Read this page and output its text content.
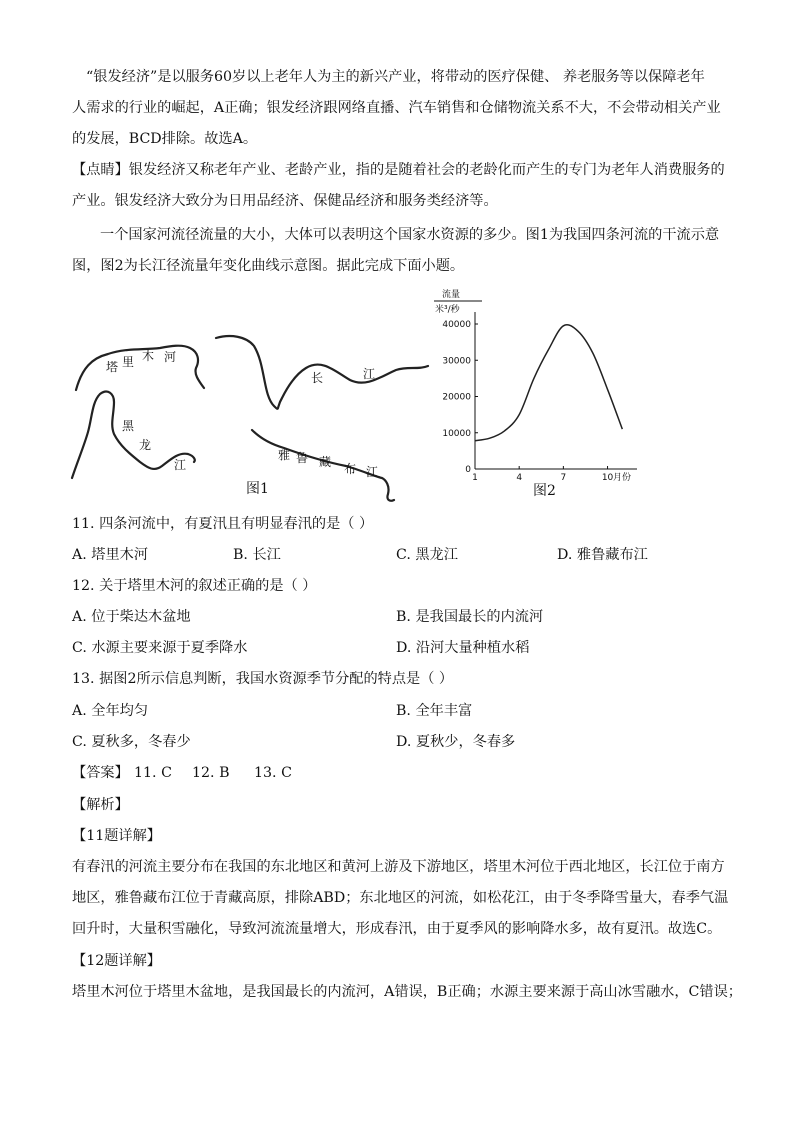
“银发经济”是以服务60岁以上老年人为主的新兴产业，将带动的医疗保健、 养老服务等以保障老年
人需求的行业的崛起，A正确；银发经济跟网络直播、汽车销售和仓储物流关系不大，不会带动相关产业
的发展，BCD排除。故选A。
【点睛】银发经济又称老年产业、老龄产业，指的是随着社会的老龄化而产生的专门为老年人消费服务的
产业。银发经济大致分为日用品经济、保健品经济和服务类经济等。
一个国家河流径流量的大小，大体可以表明这个国家水资源的多少。图1为我国四条河流的干流示意
图，图2为长江径流量年变化曲线示意图。据此完成下面小题。
塔 里 木 河
长	江
黑
龙
江
雅 鲁 藏 布 江
图1
流量
米³/秒
0
10000
20000
30000
40000
1	4	7	10 月份
图2
11. 四条河流中，有夏汛且有明显春汛的是（ ）
A. 塔里木河	B. 长江	C. 黑龙江	D. 雅鲁藏布江
12. 关于塔里木河的叙述正确的是（ ）
A. 位于柴达木盆地	B. 是我国最长的内流河
C. 水源主要来源于夏季降水	D. 沿河大量种植水稻
13. 据图2所示信息判断，我国水资源季节分配的特点是（ ）
A. 全年均匀	B. 全年丰富
C. 夏秋多，冬春少	D. 夏秋少，冬春多
【答案】 11. C 12. B 13. C
【解析】
【11题详解】
有春汛的河流主要分布在我国的东北地区和黄河上游及下游地区，塔里木河位于西北地区，长江位于南方
地区，雅鲁藏布江位于青藏高原，排除ABD；东北地区的河流，如松花江，由于冬季降雪量大，春季气温
回升时，大量积雪融化，导致河流流量增大，形成春汛，由于夏季风的影响降水多，故有夏汛。故选C。
【12题详解】
塔里木河位于塔里木盆地，是我国最长的内流河，A错误，B正确；水源主要来源于高山冰雪融水，C错误；
